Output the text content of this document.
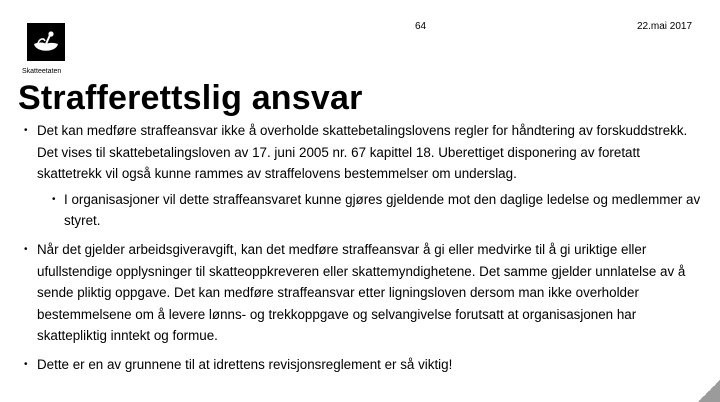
Skatteetaten
64	22.mai 2017
Strafferettslig ansvar
• Det kan medføre straffeansvar ikke å overholde skattebetalingslovens regler for håndtering av forskuddstrekk. Det vises til skattebetalingsloven av 17. juni 2005 nr. 67 kapittel 18. Uberettiget disponering av foretatt skattetrekk vil også kunne rammes av straffelovens bestemmelser om underslag.
• I organisasjoner vil dette straffeansvaret kunne gjøres gjeldende mot den daglige ledelse og medlemmer av styret.
• Når det gjelder arbeidsgiveravgift, kan det medføre straffeansvar å gi eller medvirke til å gi uriktige eller ufullstendige opplysninger til skatteoppkreveren eller skattemyndighetene. Det samme gjelder unnlatelse av å sende pliktig oppgave. Det kan medføre straffeansvar etter ligningsloven dersom man ikke overholder bestemmelsene om å levere lønns- og trekkoppgave og selvangivelse forutsatt at organisasjonen har skattepliktig inntekt og formue.
• Dette er en av grunnene til at idrettens revisjonsreglement er så viktig!
